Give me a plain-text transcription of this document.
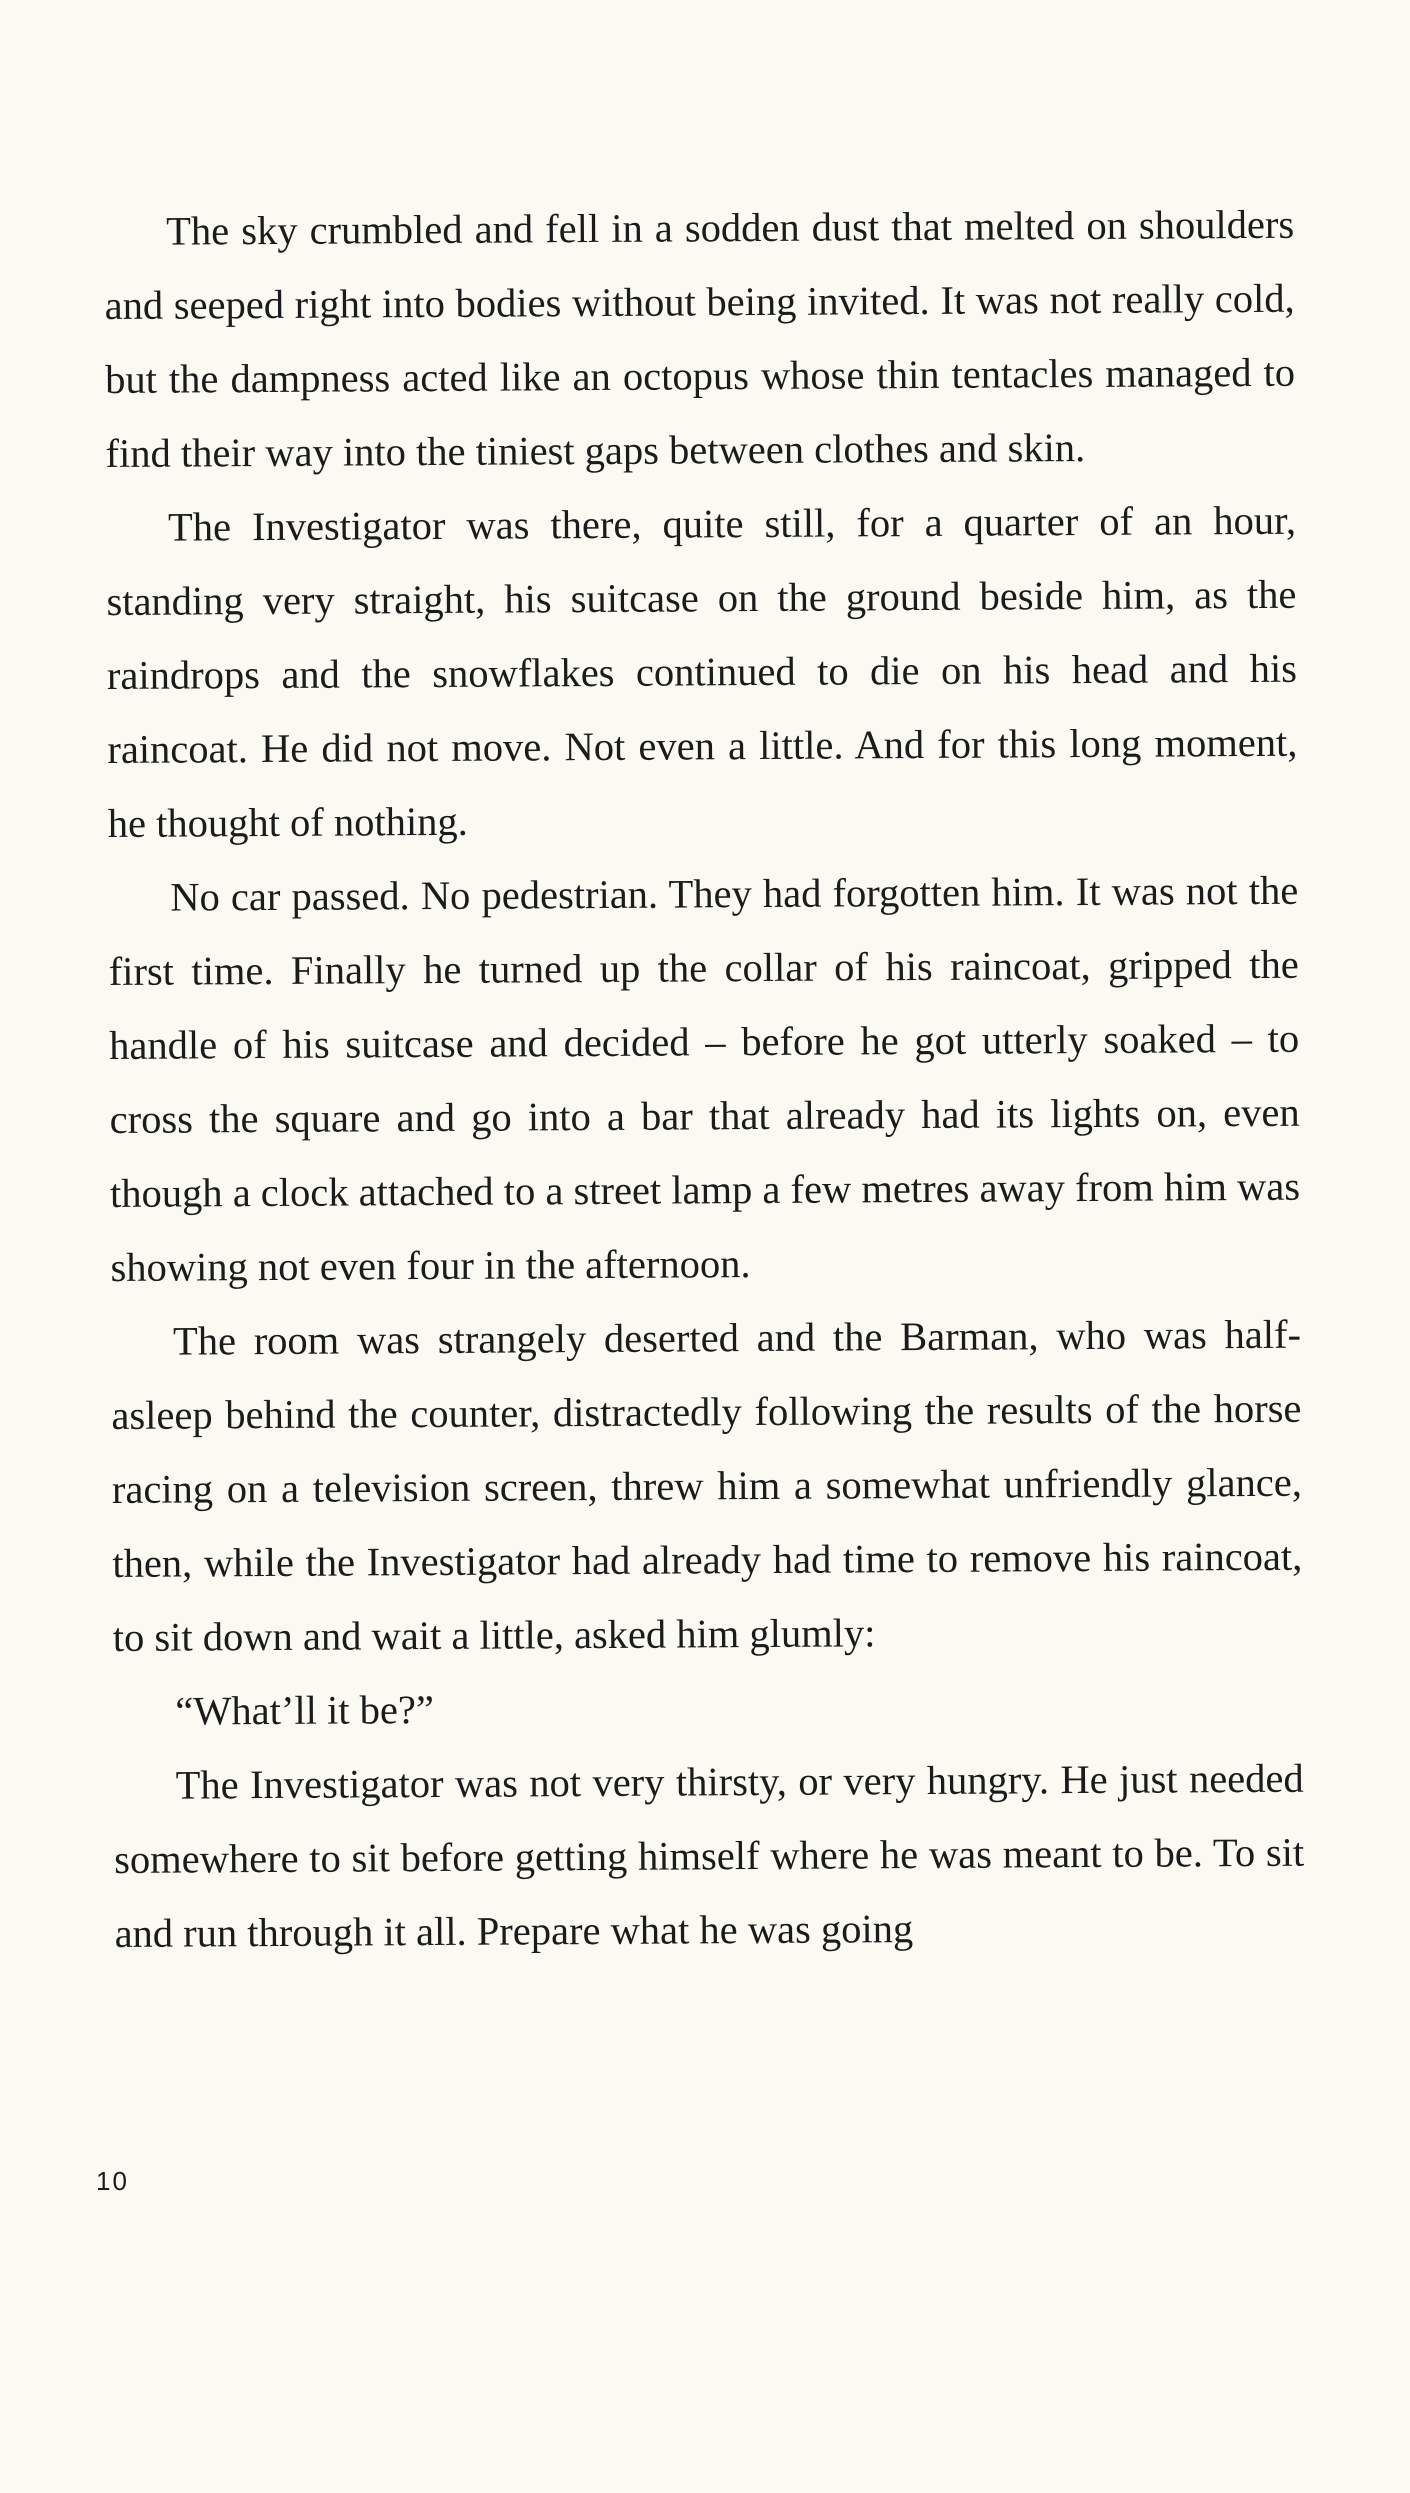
The sky crumbled and fell in a sodden dust that melted on shoulders and seeped right into bodies without being invited. It was not really cold, but the dampness acted like an octopus whose thin tentacles managed to find their way into the tiniest gaps between clothes and skin.

The Investigator was there, quite still, for a quarter of an hour, standing very straight, his suitcase on the ground beside him, as the raindrops and the snowflakes continued to die on his head and his raincoat. He did not move. Not even a little. And for this long moment, he thought of nothing.

No car passed. No pedestrian. They had forgotten him. It was not the first time. Finally he turned up the collar of his raincoat, gripped the handle of his suitcase and decided – before he got utterly soaked – to cross the square and go into a bar that already had its lights on, even though a clock attached to a street lamp a few metres away from him was showing not even four in the afternoon.

The room was strangely deserted and the Barman, who was half-asleep behind the counter, distractedly following the results of the horse racing on a television screen, threw him a somewhat unfriendly glance, then, while the Investigator had already had time to remove his raincoat, to sit down and wait a little, asked him glumly:

“What’ll it be?”

The Investigator was not very thirsty, or very hungry. He just needed somewhere to sit before getting himself where he was meant to be. To sit and run through it all. Prepare what he was going

10
